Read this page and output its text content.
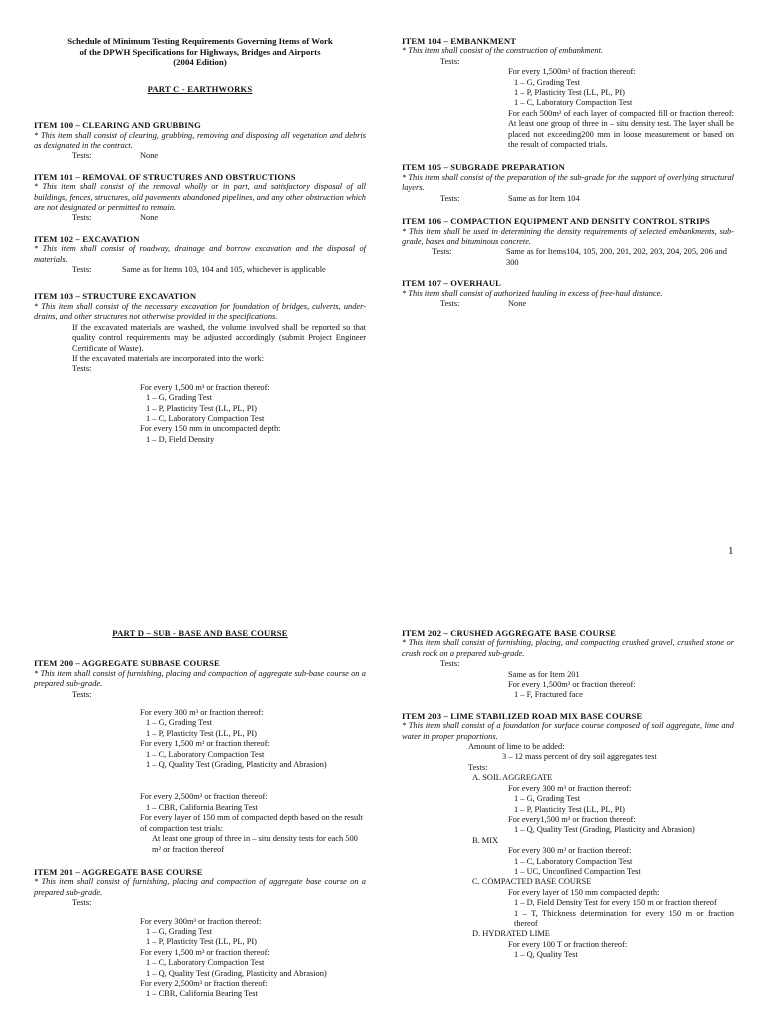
Schedule of Minimum Testing Requirements Governing Items of Work
of the DPWH Specifications for Highways, Bridges and Airports
(2004 Edition)
PART C - EARTHWORKS
ITEM 100 – CLEARING AND GRUBBING
* This item shall consist of clearing, grubbing, removing and disposing all vegetation and debris as designated in the contract.
Tests:	None
ITEM 101 – REMOVAL OF STRUCTURES AND OBSTRUCTIONS
* This item shall consist of the removal wholly or in part, and satisfactory disposal of all buildings, fences, structures, old pavements abandoned pipelines, and any other obstruction which are not designated or permitted to remain.
Tests:	None
ITEM 102 – EXCAVATION
* This item shall consist of roadway, drainage and borrow excavation and the disposal of materials.
Tests:	Same as for Items 103, 104 and 105, whichever is applicable
ITEM 103 – STRUCTURE EXCAVATION
* This item shall consist of the necessary excavation for foundation of bridges, culverts, under-drains, and other structures not otherwise provided in the specifications.
If the excavated materials are washed, the volume involved shall be reported so that quality control requirements may be adjusted accordingly (submit Project Engineer Certificate of Waste).
If the excavated materials are incorporated into the work:
Tests:
For every 1,500 m³ or fraction thereof:
1 – G, Grading Test
1 – P, Plasticity Test (LL, PL, PI)
1 – C, Laboratory Compaction Test
For every 150 mm in uncompacted depth:
1 – D, Field Density
ITEM 104 – EMBANKMENT
* This item shall consist of the construction of embankment.
Tests:
For every 1,500m³ of fraction thereof:
1 – G, Grading Test
1 – P, Plasticity Test (LL, PL, PI)
1 – C, Laboratory Compaction Test
For each 500m² of each layer of compacted fill or fraction thereof: At least one group of three in – situ density test. The layer shall be placed not exceeding200 mm in loose measurement or based on the result of compacted trials.
ITEM 105 – SUBGRADE PREPARATION
* This item shall consist of the preparation of the sub-grade for the support of overlying structural layers.
Tests:	Same as for Item 104
ITEM 106 – COMPACTION EQUIPMENT AND DENSITY CONTROL STRIPS
* This item shall be used in determining the density requirements of selected embankments, sub-grade, bases and bituminous concrete.
Tests:	Same as for Items104, 105, 200, 201, 202, 203, 204, 205, 206 and 300
ITEM 107 – OVERHAUL
* This item shall consist of authorized hauling in excess of free-haul distance.
Tests:	None
1
PART D – SUB - BASE AND BASE COURSE
ITEM 200 – AGGREGATE SUBBASE COURSE
* This item shall consist of furnishing, placing and compaction of aggregate sub-base course on a prepared sub-grade.
Tests:
For every 300 m³ or fraction thereof:
1 – G, Grading Test
1 – P, Plasticity Test (LL, PL, PI)
For every 1,500 m³ or fraction thereof:
1 – C, Laboratory Compaction Test
1 – Q, Quality Test (Grading, Plasticity and Abrasion)
For every 2,500m³ or fraction thereof:
1 – CBR, California Bearing Test
For every layer of 150 mm of compacted depth based on the result of compaction test trials:
At least one group of three in – situ density tests for each 500 m² or fraction thereof
ITEM 201 – AGGREGATE BASE COURSE
* This item shall consist of furnishing, placing and compaction of aggregate base course on a prepared sub-grade.
Tests:
For every 300m³ or fraction thereof:
1 – G, Grading Test
1 – P, Plasticity Test (LL, PL, PI)
For every 1,500 m³ or fraction thereof:
1 – C, Laboratory Compaction Test
1 – Q, Quality Test (Grading, Plasticity and Abrasion)
For every 2,500m³ or fraction thereof:
1 – CBR, California Bearing Test
ITEM 202 – CRUSHED AGGREGATE BASE COURSE
* This item shall consist of furnishing, placing, and compacting crushed gravel, crushed stone or crush rock on a prepared sub-grade.
Tests:
Same as for Item 201
For every 1,500m³ or fraction thereof:
1 – F, Fractured face
ITEM 203 – LIME STABILIZED ROAD MIX BASE COURSE
* This item shall consist of a foundation for surface course composed of soil aggregate, lime and water in proper proportions.
Amount of lime to be added:
3 – 12 mass percent of dry soil aggregates test
Tests:
A. SOIL AGGREGATE
For every 300 m³ or fraction thereof:
1 – G, Grading Test
1 – P, Plasticity Test (LL, PL, PI)
For every1,500 m³ or fraction thereof:
1 – Q, Quality Test (Grading, Plasticity and Abrasion)
B. MIX
For every 300 m³ or fraction thereof:
1 – C, Laboratory Compaction Test
1 – UC, Unconfined Compaction Test
C. COMPACTED BASE COURSE
For every layer of 150 mm compacted depth:
1 – D, Field Density Test for every 150 m or fraction thereof
1 – T, Thickness determination for every 150 m or fraction thereof
D. HYDRATED LIME
For every 100 T or fraction thereof:
1 – Q, Quality Test
